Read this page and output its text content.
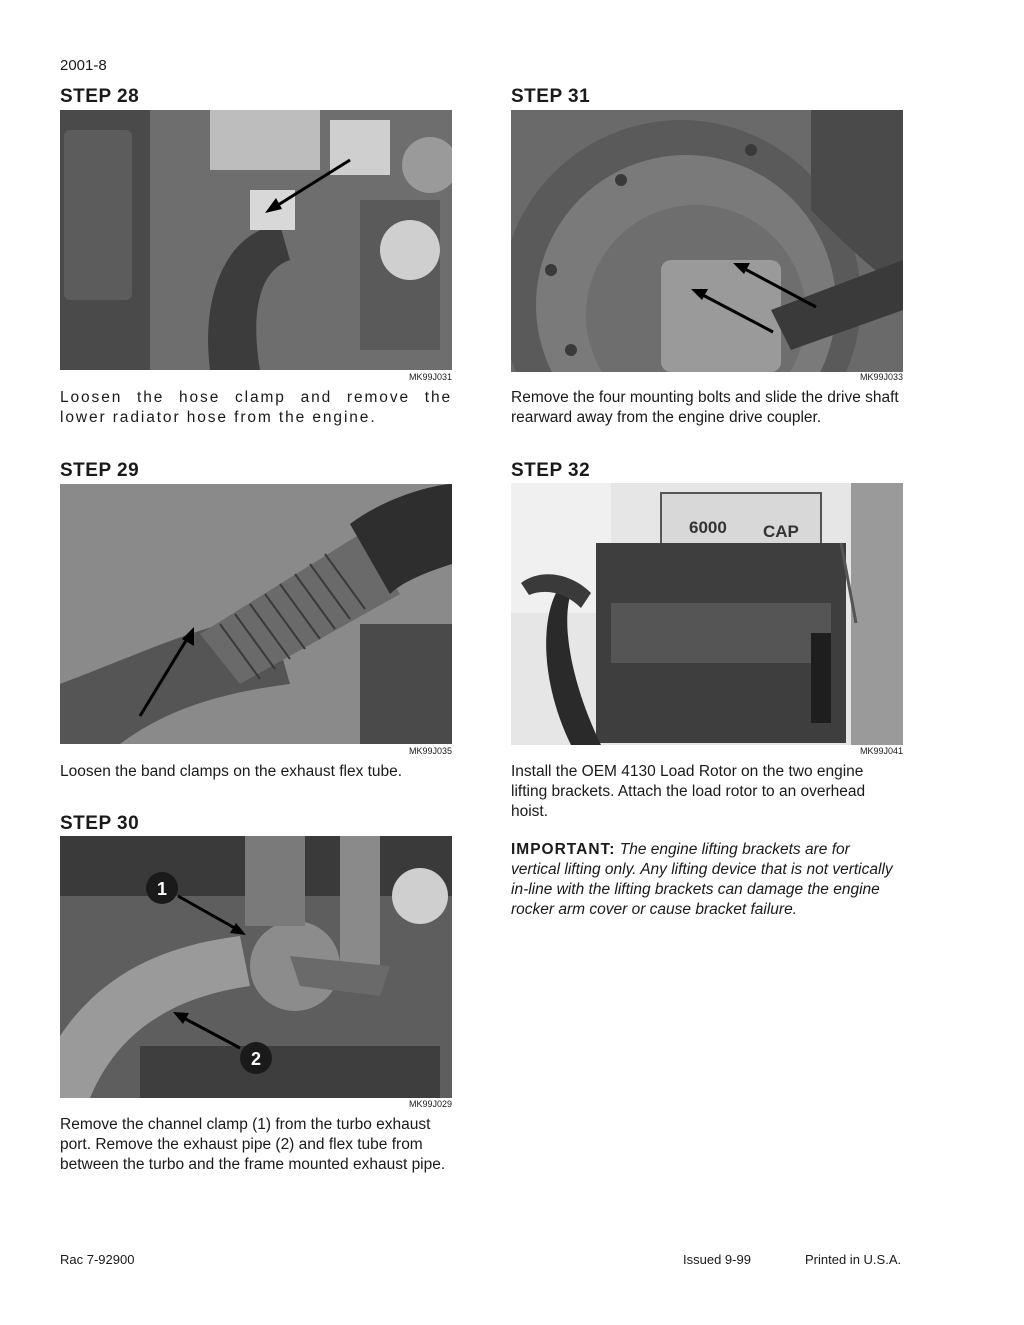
2001-8
STEP 28
MK99J031
Loosen the hose clamp and remove the lower radiator hose from the engine.
STEP 29
MK99J035
Loosen the band clamps on the exhaust flex tube.
STEP 30
1
2
MK99J029
Remove the channel clamp (1) from the turbo exhaust port. Remove the exhaust pipe (2) and flex tube from between the turbo and the frame mounted exhaust pipe.
STEP 31
MK99J033
Remove the four mounting bolts and slide the drive shaft rearward away from the engine drive coupler.
STEP 32
6000 CAP
MK99J041
Install the OEM 4130 Load Rotor on the two engine lifting brackets. Attach the load rotor to an overhead hoist.
IMPORTANT: The engine lifting brackets are for vertical lifting only. Any lifting device that is not vertically in-line with the lifting brackets can damage the engine rocker arm cover or cause bracket failure.
Rac 7-92900	Issued 9-99	Printed in U.S.A.
